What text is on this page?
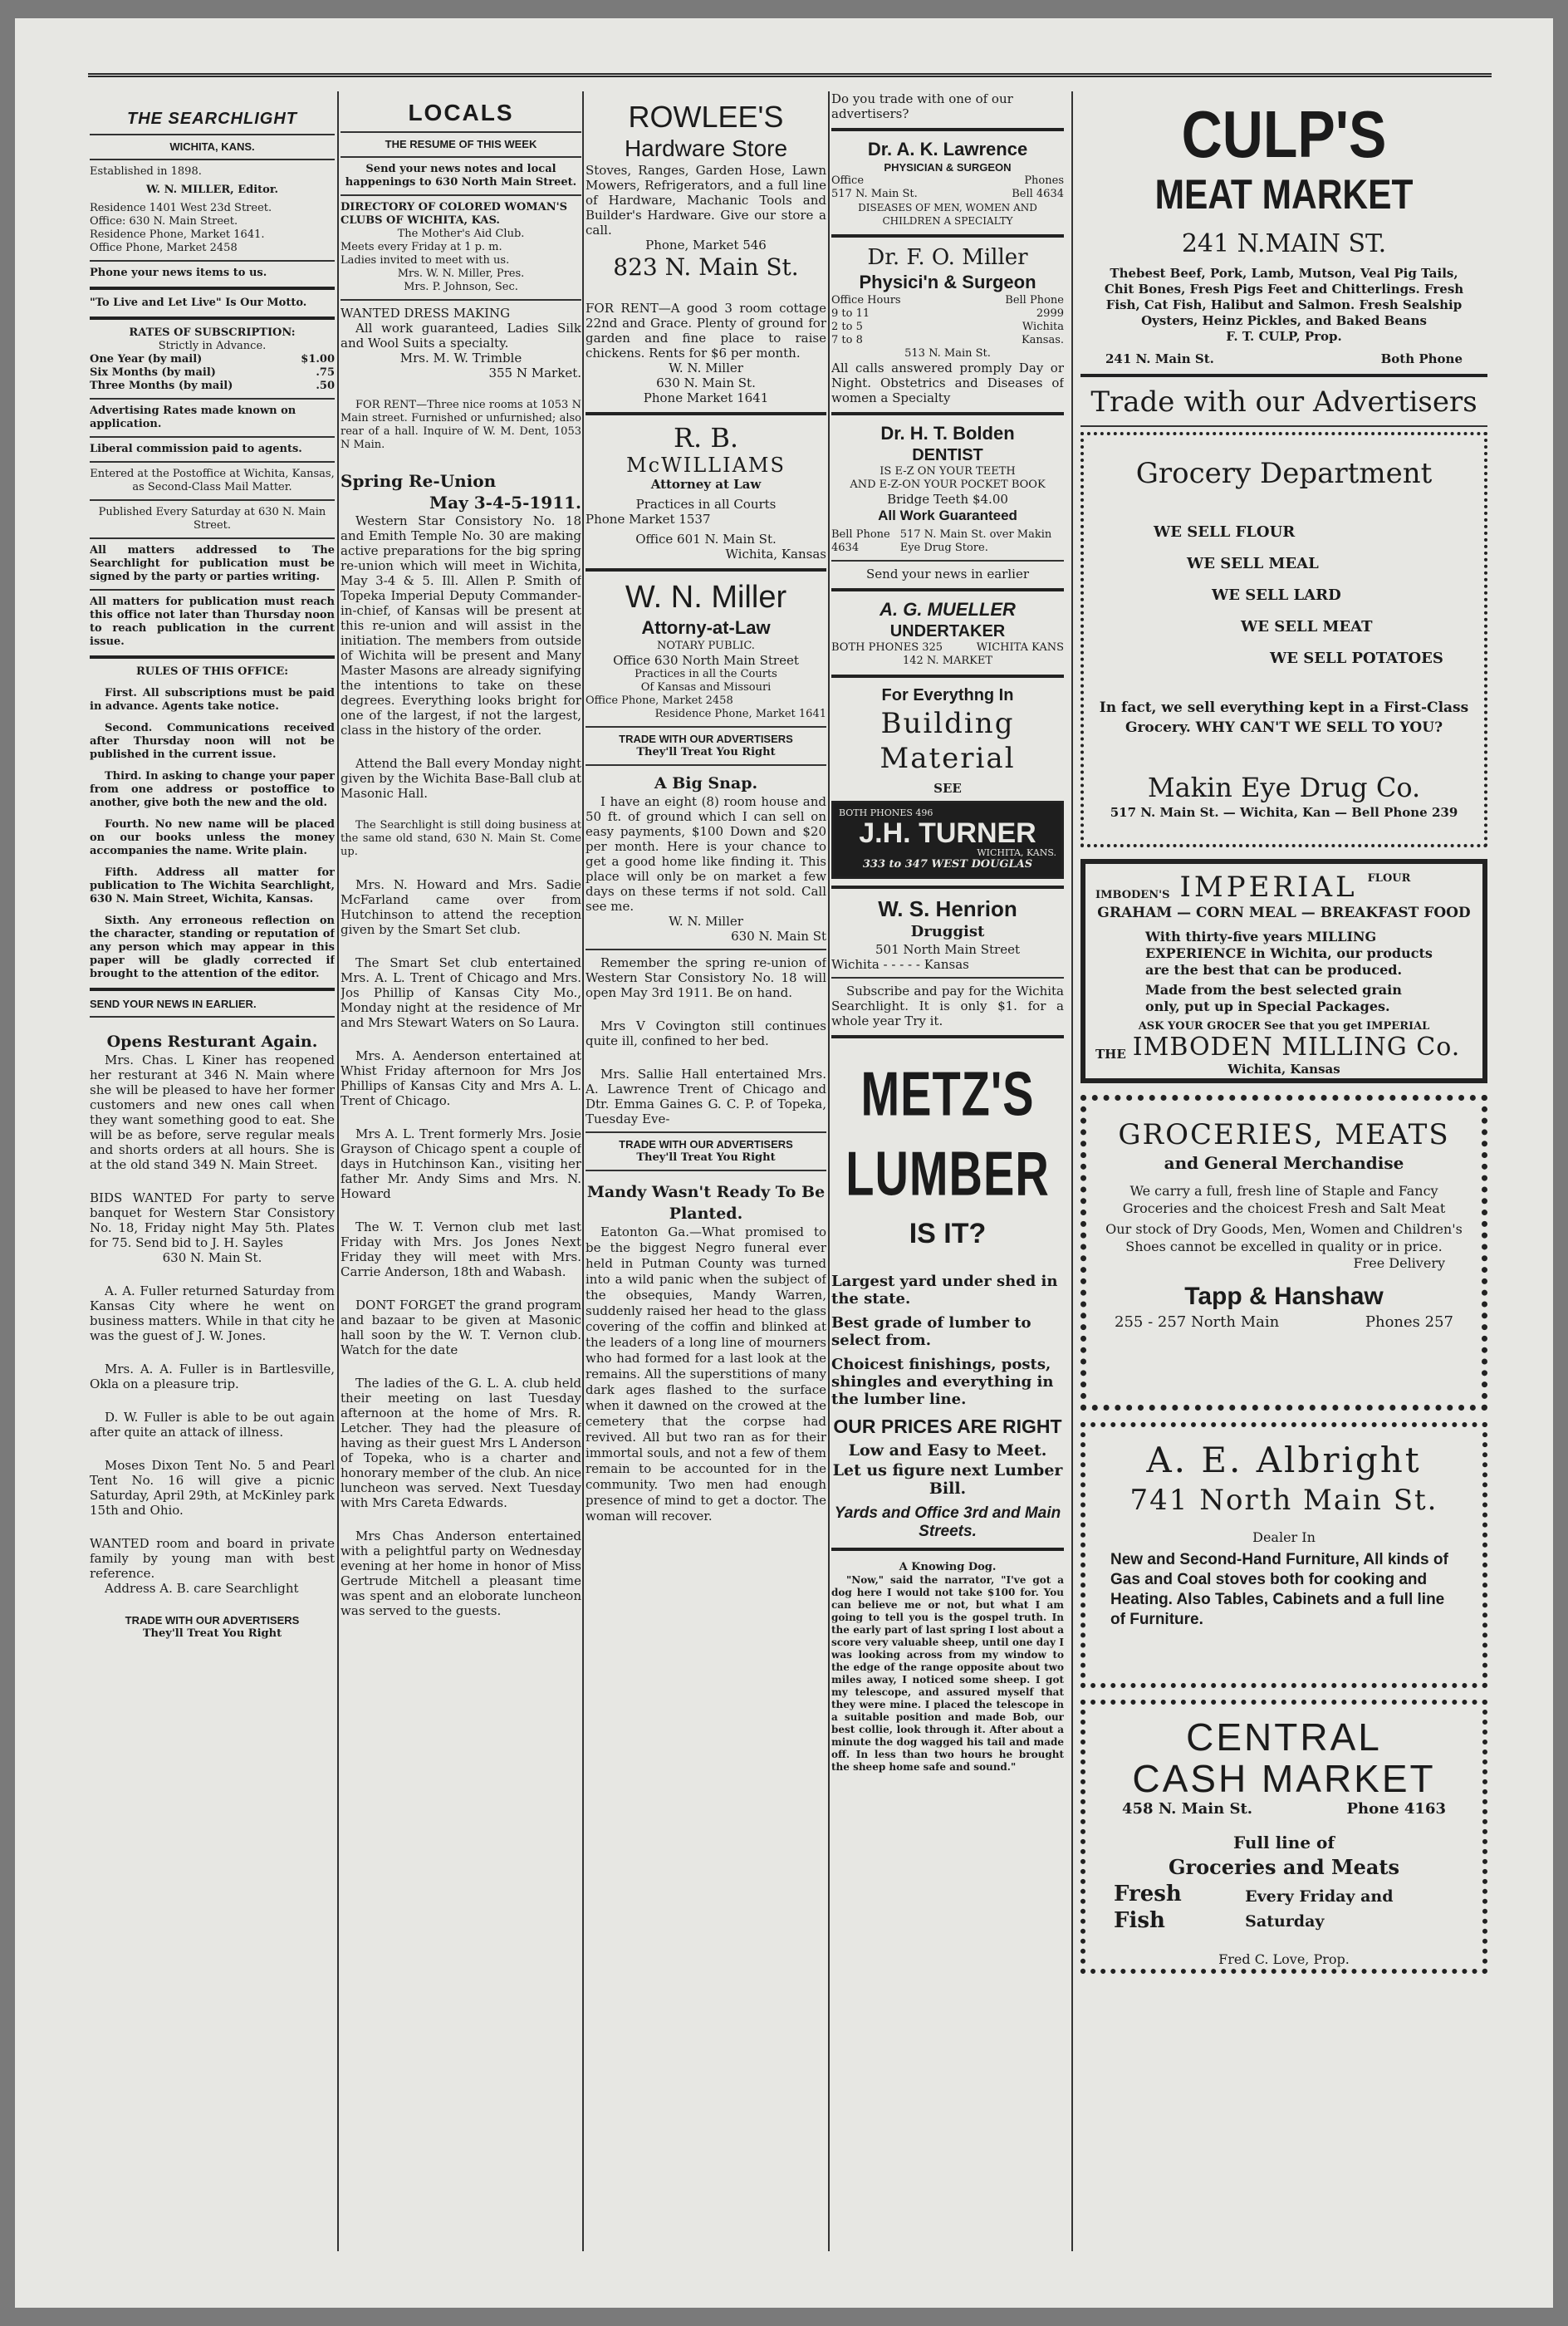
THE SEARCHLIGHT

WICHITA, KANS.

Established in 1898.

W. N. MILLER, Editor.

Residence 1401 West 23d Street.

Office: 630 N. Main Street.

Residence Phone, Market 1641.

Office Phone, Market 2458

Phone your news items to us.

"To Live and Let Live" Is Our Motto.

RATES OF SUBSCRIPTION:

Strictly in Advance.

One Year (by mail)	$1.00
Six Months (by mail)	.75
Three Months (by mail)	.50

Advertising Rates made known on application.

Liberal commission paid to agents.

Entered at the Postoffice at Wichita, Kansas, as Second-Class Mail Matter.

Published Every Saturday at 630 N. Main Street.

All matters addressed to The Searchlight for publication must be signed by the party or parties writing.

All matters for publication must reach this office not later than Thursday noon to reach publication in the current issue.

RULES OF THIS OFFICE:

First. All subscriptions must be paid in advance. Agents take notice.

Second. Communications received after Thursday noon will not be published in the current issue.

Third. In asking to change your paper from one address or postoffice to another, give both the new and the old.

Fourth. No new name will be placed on our books unless the money accompanies the name. Write plain.

Fifth. Address all matter for publication to The Wichita Searchlight, 630 N. Main Street, Wichita, Kansas.

Sixth. Any erroneous reflection on the character, standing or reputation of any person which may appear in this paper will be gladly corrected if brought to the attention of the editor.

SEND YOUR NEWS IN EARLIER.

Opens Resturant Again.

Mrs. Chas. L Kiner has reopened her resturant at 346 N. Main where she will be pleased to have her former customers and new ones call when they want something good to eat. She will be as before, serve regular meals and shorts orders at all hours. She is at the old stand 349 N. Main Street.

BIDS WANTED For party to serve banquet for Western Star Consistory No. 18, Friday night May 5th. Plates for 75. Send bid to J. H. Sayles

630 N. Main St.

A. A. Fuller returned Saturday from Kansas City where he went on business matters. While in that city he was the guest of J. W. Jones.

Mrs. A. A. Fuller is in Bartlesville, Okla on a pleasure trip.

D. W. Fuller is able to be out again after quite an attack of illness.

Moses Dixon Tent No. 5 and Pearl Tent No. 16 will give a picnic Saturday, April 29th, at McKinley park 15th and Ohio.

WANTED room and board in private family by young man with best reference.

Address A. B. care Searchlight

TRADE WITH OUR ADVERTISERS

They'll Treat You Right

LOCALS

THE RESUME OF THIS WEEK

Send your news notes and local happenings to 630 North Main Street.

DIRECTORY OF COLORED WOMAN'S CLUBS OF WICHITA, KAS.

The Mother's Aid Club.

Meets every Friday at 1 p. m.

Ladies invited to meet with us.

Mrs. W. N. Miller, Pres.

Mrs. P. Johnson, Sec.

WANTED DRESS MAKING

All work guaranteed, Ladies Silk and Wool Suits a specialty.

Mrs. M. W. Trimble

355 N Market.

FOR RENT—Three nice rooms at 1053 N Main street. Furnished or unfurnished; also rear of a hall. Inquire of W. M. Dent, 1053 N Main.

Spring Re-Union

May 3-4-5-1911.

Western Star Consistory No. 18 and Emith Temple No. 30 are making active preparations for the big spring re-union which will meet in Wichita, May 3-4 & 5. Ill. Allen P. Smith of Topeka Imperial Deputy Commander-in-chief, of Kansas will be present at this re-union and will assist in the initiation. The members from outside of Wichita will be present and Many Master Masons are already signifying the intentions to take on these degrees. Everything looks bright for one of the largest, if not the largest, class in the history of the order.

Attend the Ball every Monday night given by the Wichita Base-Ball club at Masonic Hall.

The Searchlight is still doing business at the same old stand, 630 N. Main St. Come up.

Mrs. N. Howard and Mrs. Sadie McFarland came over from Hutchinson to attend the reception given by the Smart Set club.

The Smart Set club entertained Mrs. A. L. Trent of Chicago and Mrs. Jos Phillip of Kansas City Mo., Monday night at the residence of Mr and Mrs Stewart Waters on So Laura.

Mrs. A. Aenderson entertained at Whist Friday afternoon for Mrs Jos Phillips of Kansas City and Mrs A. L. Trent of Chicago.

Mrs A. L. Trent formerly Mrs. Josie Grayson of Chicago spent a couple of days in Hutchinson Kan., visiting her father Mr. Andy Sims and Mrs. N. Howard

The W. T. Vernon club met last Friday with Mrs. Jos Jones Next Friday they will meet with Mrs. Carrie Anderson, 18th and Wabash.

DONT FORGET the grand program and bazaar to be given at Masonic hall soon by the W. T. Vernon club. Watch for the date

The ladies of the G. L. A. club held their meeting on last Tuesday afternoon at the home of Mrs. R. Letcher. They had the pleasure of having as their guest Mrs L Anderson of Topeka, who is a charter and honorary member of the club. An nice luncheon was served. Next Tuesday with Mrs Careta Edwards.

Mrs Chas Anderson entertained with a pelightful party on Wednesday evening at her home in honor of Miss Gertrude Mitchell a pleasant time was spent and an eloborate luncheon was served to the guests.

ROWLEE'S

Hardware Store

Stoves, Ranges, Garden Hose, Lawn Mowers, Refrigerators, and a full line of Hardware, Machanic Tools and Builder's Hardware. Give our store a call.

Phone, Market 546

823 N. Main St.

FOR RENT—A good 3 room cottage 22nd and Grace. Plenty of ground for garden and fine place to raise chickens. Rents for $6 per month.

W. N. Miller

630 N. Main St.

Phone Market 1641

R. B.

McWILLIAMS

Attorney at Law

Practices in all Courts

Phone Market 1537

Office 601 N. Main St.

Wichita, Kansas

W. N. Miller

Attorny-at-Law

NOTARY PUBLIC.

Office 630 North Main Street

Practices in all the Courts

Of Kansas and Missouri

Office Phone, Market 2458

Residence Phone, Market 1641

TRADE WITH OUR ADVERTISERS

They'll Treat You Right

A Big Snap.

I have an eight (8) room house and 50 ft. of ground which I can sell on easy payments, $100 Down and $20 per month. Here is your chance to get a good home like finding it. This place will only be on market a few days on these terms if not sold. Call see me.

W. N. Miller

630 N. Main St

Remember the spring re-union of Western Star Consistory No. 18 will open May 3rd 1911. Be on hand.

Mrs V Covington still continues quite ill, confined to her bed.

Mrs. Sallie Hall entertained Mrs. A. Lawrence Trent of Chicago and Dtr. Emma Gaines G. C. P. of Topeka, Tuesday Eve-

TRADE WITH OUR ADVERTISERS

They'll Treat You Right

Mandy Wasn't Ready To Be Planted.

Eatonton Ga.—What promised to be the biggest Negro funeral ever held in Putman County was turned into a wild panic when the subject of the obsequies, Mandy Warren, suddenly raised her head to the glass covering of the coffin and blinked at the leaders of a long line of mourners who had formed for a last look at the remains. All the superstitions of many dark ages flashed to the surface when it dawned on the crowed at the cemetery that the corpse had revived. All but two ran as for their immortal souls, and not a few of them remain to be accounted for in the community. Two men had enough presence of mind to get a doctor. The woman will recover.

Do you trade with one of our advertisers?

Dr. A. K. Lawrence

PHYSICIAN & SURGEON

Office	Phones
517 N. Main St.	Bell 4634

DISEASES OF MEN, WOMEN AND CHILDREN A SPECIALTY

Dr. F. O. Miller

Physici'n & Surgeon

Office Hours	Bell Phone
9 to 11	2999
2 to 5	Wichita
7 to 8	Kansas.

513 N. Main St.

All calls answered promply Day or Night. Obstetrics and Diseases of women a Specialty

Dr. H. T. Bolden

DENTIST

IS E-Z ON YOUR TEETH

AND E-Z-ON YOUR POCKET BOOK

Bridge Teeth $4.00

All Work Guaranteed

Bell Phone

4634

517 N. Main St. over Makin Eye Drug Store.

Send your news in earlier

A. G. MUELLER

UNDERTAKER

BOTH PHONES 325	WICHITA KANS

142 N. MARKET

For Everythng In

Building

Material

SEE

BOTH PHONES 496

J.H. TURNER

WICHITA, KANS.

333 to 347 WEST DOUGLAS

W. S. Henrion

Druggist

501 North Main Street

Wichita - - - - - Kansas

Subscribe and pay for the Wichita Searchlight. It is only $1. for a whole year Try it.

METZ'S

LUMBER

IS IT?

Largest yard under shed in the state.

Best grade of lumber to select from.

Choicest finishings, posts, shingles and everything in the lumber line.

OUR PRICES ARE RIGHT

Low and Easy to Meet.

Let us figure next Lumber Bill.

Yards and Office 3rd and Main Streets.

A Knowing Dog.

"Now," said the narrator, "I've got a dog here I would not take $100 for. You can believe me or not, but what I am going to tell you is the gospel truth. In the early part of last spring I lost about a score very valuable sheep, until one day I was looking across from my window to the edge of the range opposite about two miles away, I noticed some sheep. I got my telescope, and assured myself that they were mine. I placed the telescope in a suitable position and made Bob, our best collie, look through it. After about a minute the dog wagged his tail and made off. In less than two hours he brought the sheep home safe and sound."

CULP'S

MEAT MARKET

241 N.MAIN ST.

Thebest Beef, Pork, Lamb, Mutson, Veal Pig Tails, Chit Bones, Fresh Pigs Feet and Chitterlings. Fresh Fish, Cat Fish, Halibut and Salmon. Fresh Sealship Oysters, Heinz Pickles, and Baked Beans

F. T. CULP, Prop.

241 N. Main St.	Both Phone

Trade with our Advertisers

Grocery Department

WE SELL FLOUR

WE SELL MEAL

WE SELL LARD

WE SELL MEAT

WE SELL POTATOES

In fact, we sell everything kept in a First-Class Grocery. WHY CAN'T WE SELL TO YOU?

Makin Eye Drug Co.

517 N. Main St. — Wichita, Kan — Bell Phone 239

IMBODEN'S IMPERIAL FLOUR

GRAHAM — CORN MEAL — BREAKFAST FOOD

With thirty-five years MILLING EXPERIENCE in Wichita, our products are the best that can be produced.

Made from the best selected grain only, put up in Special Packages.

ASK YOUR GROCER See that you get IMPERIAL

THE IMBODEN MILLING Co.

Wichita, Kansas

GROCERIES, MEATS

and General Merchandise

We carry a full, fresh line of Staple and Fancy Groceries and the choicest Fresh and Salt Meat

Our stock of Dry Goods, Men, Women and Children's Shoes cannot be excelled in quality or in price.

Free Delivery

Tapp & Hanshaw

255 - 257 North Main	Phones 257

A. E. Albright

741 North Main St.

Dealer In

New and Second-Hand Furniture, All kinds of Gas and Coal stoves both for cooking and Heating. Also Tables, Cabinets and a full line of Furniture.

CENTRAL

CASH MARKET

458 N. Main St.	Phone 4163

Full line of

Groceries and Meats

Fresh Fish
Every Friday and Saturday

Fred C. Love, Prop.
